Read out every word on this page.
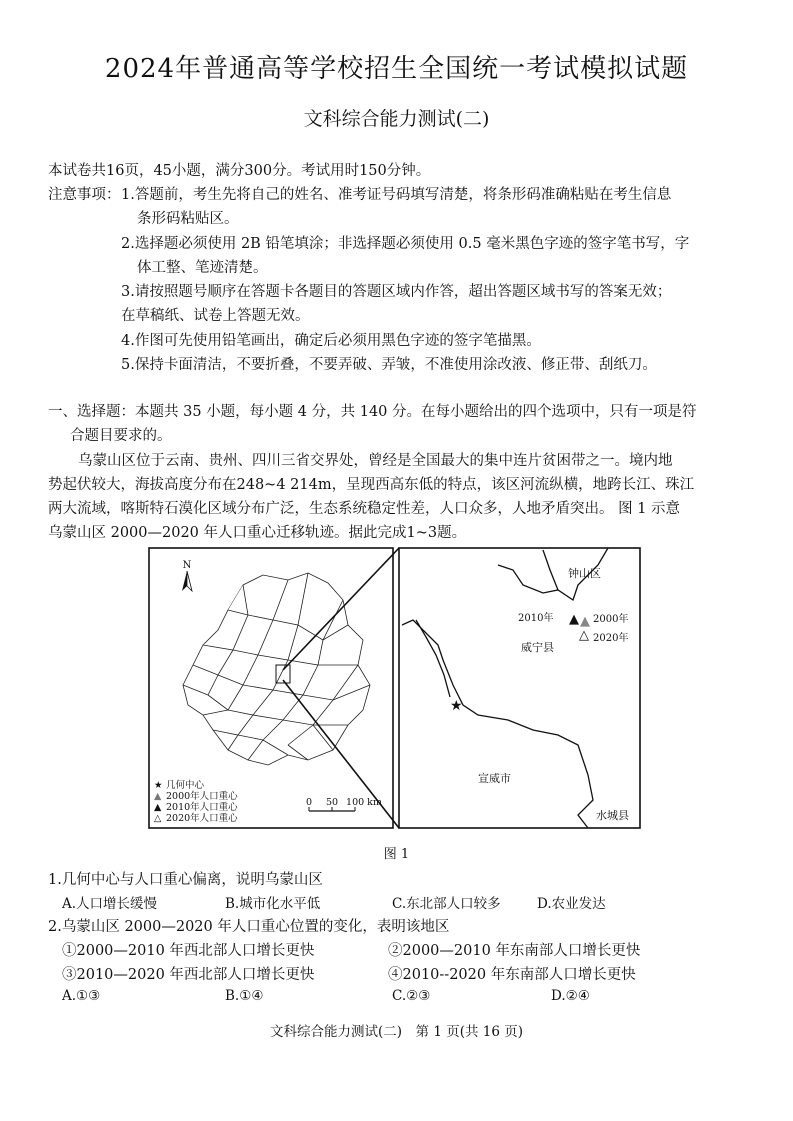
2024年普通高等学校招生全国统一考试模拟试题
文科综合能力测试(二)
本试卷共16页，45小题，满分300分。考试用时150分钟。
注意事项： 1.答题前，考生先将自己的姓名、准考证号码填写清楚，将条形码准确粘贴在考生信息
条形码粘贴区。
2.选择题必须使用 2B 铅笔填涂；非选择题必须使用 0.5 毫米黑色字迹的签字笔书写，字
体工整、笔迹清楚。
3.请按照题号顺序在答题卡各题目的答题区域内作答，超出答题区域书写的答案无效；
在草稿纸、试卷上答题无效。
4.作图可先使用铅笔画出，确定后必须用黑色字迹的签字笔描黑。
5.保持卡面清洁，不要折叠，不要弄破、弄皱，不准使用涂改液、修正带、刮纸刀。
一、选择题：本题共 35 小题，每小题 4 分，共 140 分。在每小题给出的四个选项中，只有一项是符
合题目要求的。
乌蒙山区位于云南、贵州、四川三省交界处，曾经是全国最大的集中连片贫困带之一。境内地
势起伏较大，海拔高度分布在248~4 214m，呈现西高东低的特点，该区河流纵横，地跨长江、珠江
两大流域，喀斯特石漠化区域分布广泛，生态系统稳定性差，人口众多，人地矛盾突出。 图 1 示意
乌蒙山区 2000—2020 年人口重心迁移轨迹。据此完成1~3题。
N
★ 几何中心
▲ 2000年人口重心
▲ 2010年人口重心
△ 2020年人口重心
0 50 100 km
钟山区
2010年 ▲ ▲ 2000年
△ 2020年
威宁县
★
宣威市
水城县
图 1
1.几何中心与人口重心偏离，说明乌蒙山区
A.人口增长缓慢	B.城市化水平低	C.东北部人口较多	D.农业发达
2.乌蒙山区 2000—2020 年人口重心位置的变化，表明该地区
①2000—2010 年西北部人口增长更快	②2000—2010 年东南部人口增长更快
③2010—2020 年西北部人口增长更快	④2010--2020 年东南部人口增长更快
A.①③	B.①④	C.②③	D.②④
文科综合能力测试(二)　第 1 页(共 16 页)
